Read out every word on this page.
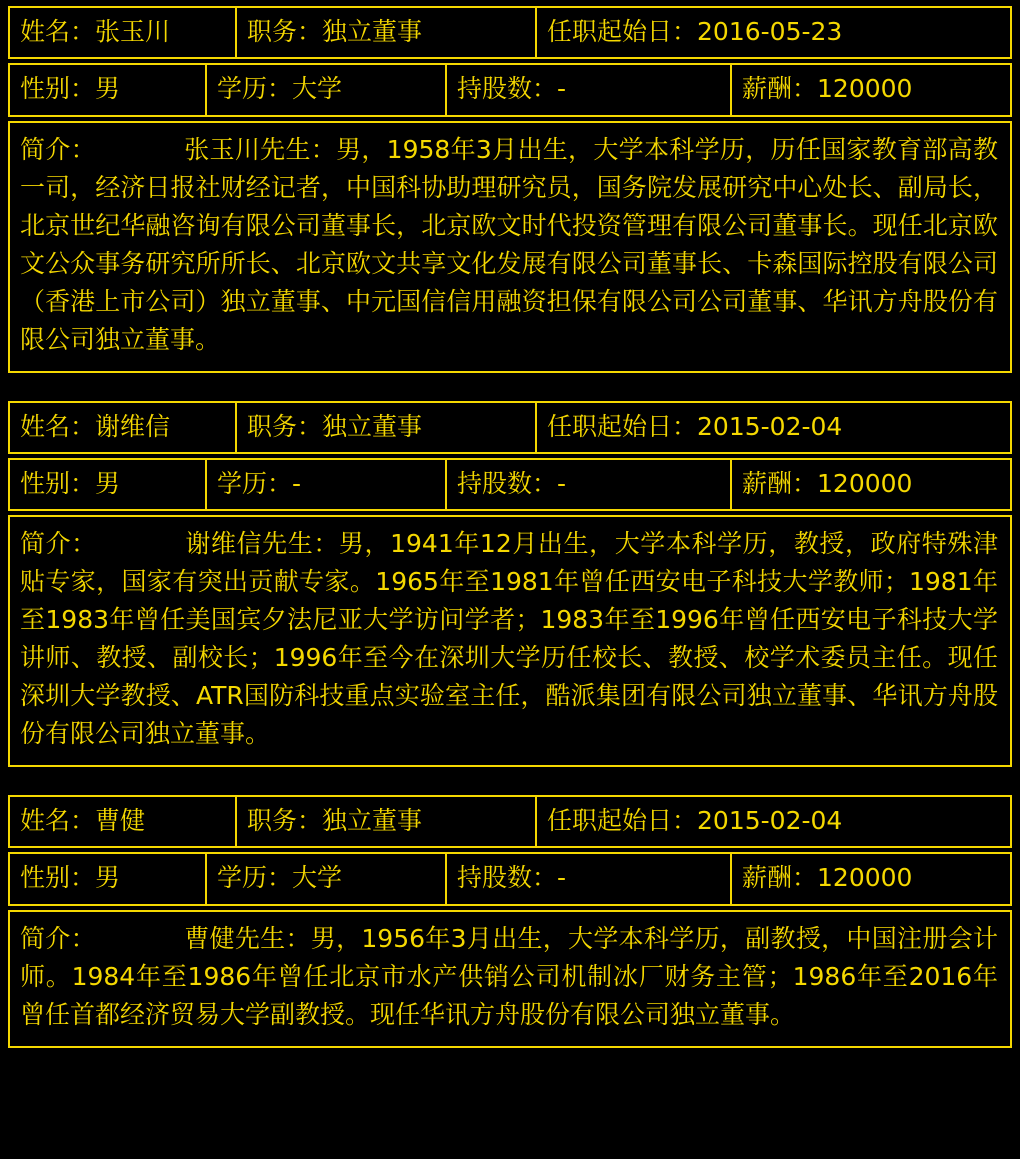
姓名：张玉川	职务：独立董事	任职起始日：2016-05-23
性别：男	学历：大学	持股数：-	薪酬：120000
简介：	张玉川先生：男，1958年3月出生，大学本科学历，历任国家教育部高教一司，经济日报社财经记者，中国科协助理研究员，国务院发展研究中心处长、副局长，北京世纪华融咨询有限公司董事长，北京欧文时代投资管理有限公司董事长。现任北京欧文公众事务研究所所长、北京欧文共享文化发展有限公司董事长、卡森国际控股有限公司（香港上市公司）独立董事、中元国信信用融资担保有限公司公司董事、华讯方舟股份有限公司独立董事。
姓名：谢维信	职务：独立董事	任职起始日：2015-02-04
性别：男	学历：-	持股数：-	薪酬：120000
简介：	谢维信先生：男，1941年12月出生，大学本科学历，教授，政府特殊津贴专家，国家有突出贡献专家。1965年至1981年曾任西安电子科技大学教师；1981年至1983年曾任美国宾夕法尼亚大学访问学者；1983年至1996年曾任西安电子科技大学讲师、教授、副校长；1996年至今在深圳大学历任校长、教授、校学术委员主任。现任深圳大学教授、ATR国防科技重点实验室主任，酷派集团有限公司独立董事、华讯方舟股份有限公司独立董事。
姓名：曹健	职务：独立董事	任职起始日：2015-02-04
性别：男	学历：大学	持股数：-	薪酬：120000
简介：	曹健先生：男，1956年3月出生，大学本科学历，副教授，中国注册会计师。1984年至1986年曾任北京市水产供销公司机制冰厂财务主管；1986年至2016年曾任首都经济贸易大学副教授。现任华讯方舟股份有限公司独立董事。
